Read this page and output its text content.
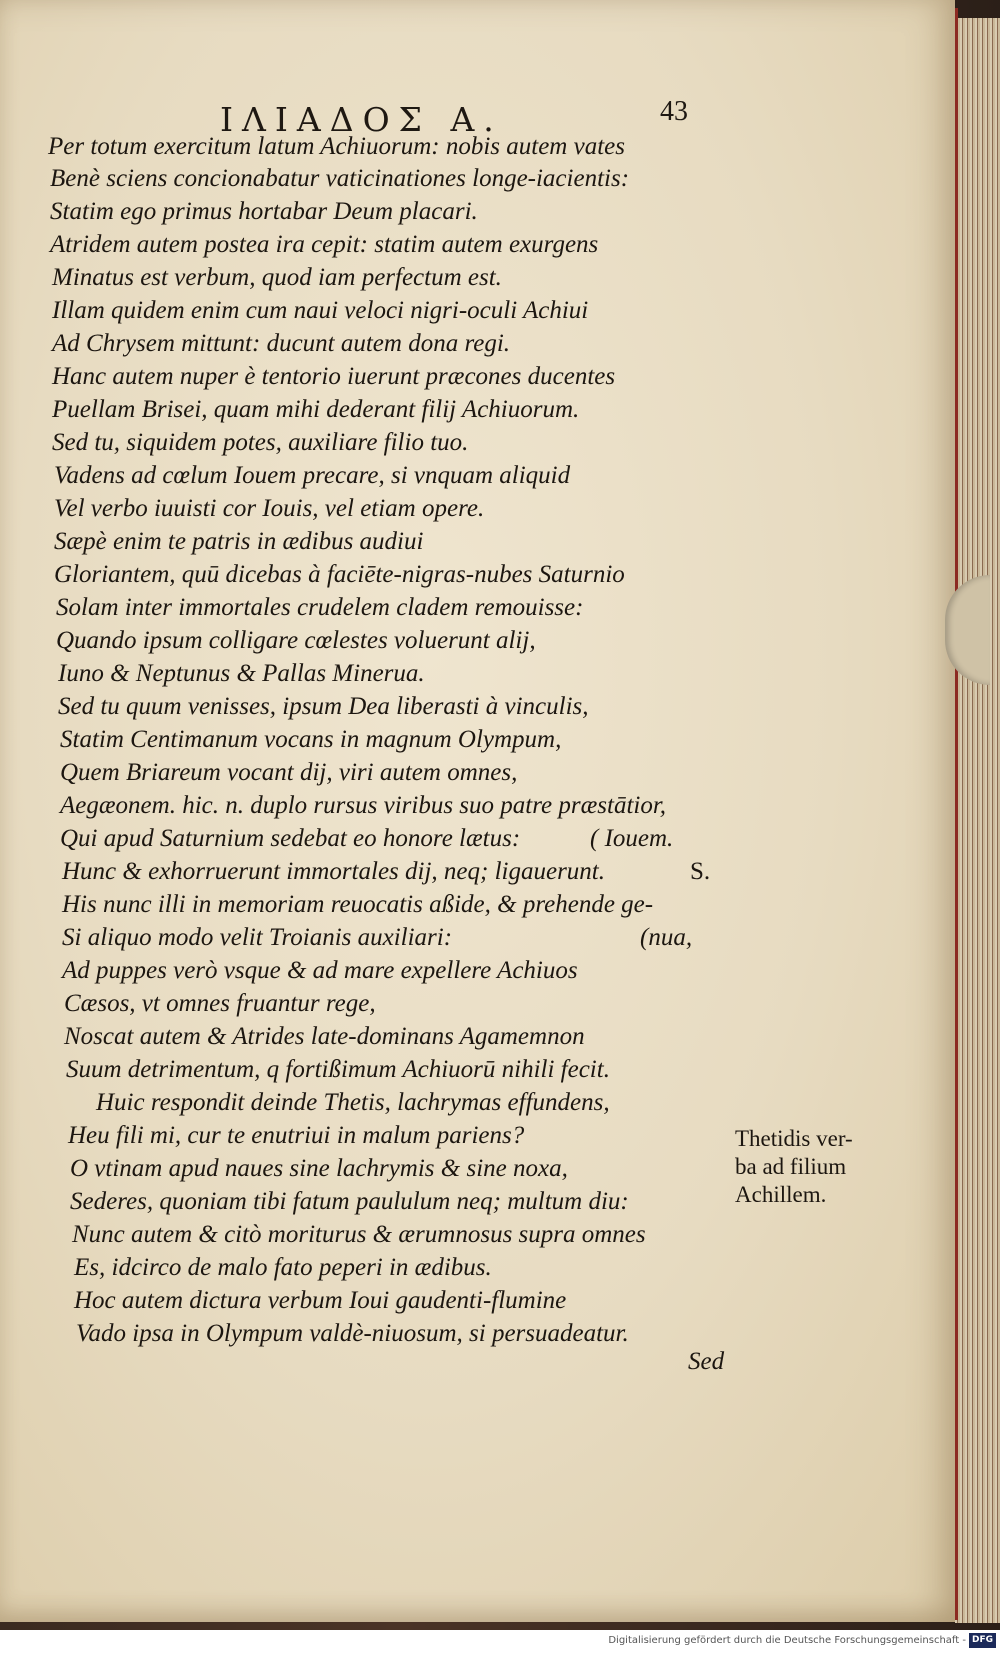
ΙΛΙΑΔΟΣ Α.	43
Per totum exercitum latum Achiuorum: nobis autem vates
Benè sciens concionabatur vaticinationes longe-iacientis:
Statim ego primus hortabar Deum placari.
Atridem autem postea ira cepit: statim autem exurgens
Minatus est verbum, quod iam perfectum est.
Illam quidem enim cum naui veloci nigri-oculi Achiui
Ad Chrysem mittunt: ducunt autem dona regi.
Hanc autem nuper è tentorio iuerunt præcones ducentes
Puellam Brisei, quam mihi dederant filij Achiuorum.
Sed tu, siquidem potes, auxiliare filio tuo.
Vadens ad cœlum Iouem precare, si vnquam aliquid
Vel verbo iuuisti cor Iouis, vel etiam opere.
Sæpè enim te patris in ædibus audiui
Gloriantem, quū dicebas à faciēte-nigras-nubes Saturnio
Solam inter immortales crudelem cladem remouisse:
Quando ipsum colligare cœlestes voluerunt alij,
Iuno & Neptunus & Pallas Minerua.
Sed tu quum venisses, ipsum Dea liberasti à vinculis,
Statim Centimanum vocans in magnum Olympum,
Quem Briareum vocant dij, viri autem omnes,
Aegæonem. hic. n. duplo rursus viribus suo patre præstātior,
Qui apud Saturnium sedebat eo honore lætus:
Hunc & exhorruerunt immortales dij, neq; ligauerunt.
His nunc illi in memoriam reuocatis aßide, & prehende ge-
Si aliquo modo velit Troianis auxiliari:
Ad puppes verò vsque & ad mare expellere Achiuos
Cæsos, vt omnes fruantur rege,
Noscat autem & Atrides late-dominans Agamemnon
Suum detrimentum, q fortißimum Achiuorū nihili fecit.
Huic respondit deinde Thetis, lachrymas effundens,
Heu fili mi, cur te enutriui in malum pariens?
O vtinam apud naues sine lachrymis & sine noxa,
Sederes, quoniam tibi fatum paululum neq; multum diu:
Nunc autem & citò moriturus & ærumnosus supra omnes
Es, idcirco de malo fato peperi in ædibus.
Hoc autem dictura verbum Ioui gaudenti-flumine
Vado ipsa in Olympum valdè-niuosum, si persuadeatur.
( Iouem.
S.
(nua,
Thetidis ver-
ba ad filium
Achillem.
Sed
Digitalisierung gefördert durch die Deutsche Forschungsgemeinschaft - DFG
